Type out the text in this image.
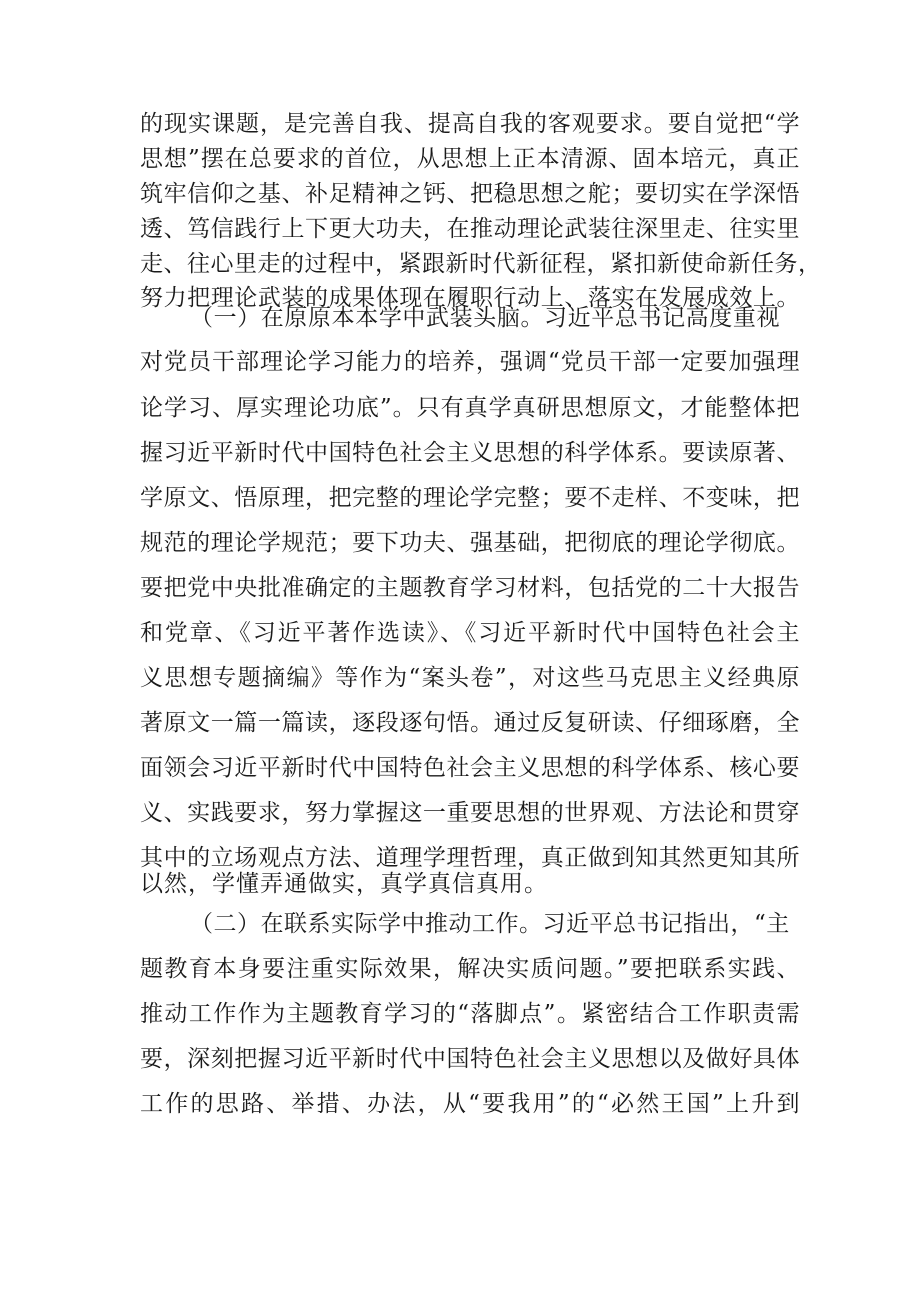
的现实课题，是完善自我、提高自我的客观要求。要自觉把“学
思想”摆在总要求的首位，从思想上正本清源、固本培元，真正
筑牢信仰之基、补足精神之钙、把稳思想之舵；要切实在学深悟
透、笃信践行上下更大功夫，在推动理论武装往深里走、往实里
走、往心里走的过程中，紧跟新时代新征程，紧扣新使命新任务，
努力把理论武装的成果体现在履职行动上、落实在发展成效上。
（一）在原原本本学中武装头脑。习近平总书记高度重视
对党员干部理论学习能力的培养，强调“党员干部一定要加强理
论学习、厚实理论功底”。只有真学真研思想原文，才能整体把
握习近平新时代中国特色社会主义思想的科学体系。要读原著、
学原文、悟原理，把完整的理论学完整；要不走样、不变味，把
规范的理论学规范；要下功夫、强基础，把彻底的理论学彻底。
要把党中央批准确定的主题教育学习材料，包括党的二十大报告
和党章、《习近平著作选读》、《习近平新时代中国特色社会主
义思想专题摘编》等作为“案头卷”，对这些马克思主义经典原
著原文一篇一篇读，逐段逐句悟。通过反复研读、仔细琢磨，全
面领会习近平新时代中国特色社会主义思想的科学体系、核心要
义、实践要求，努力掌握这一重要思想的世界观、方法论和贯穿
其中的立场观点方法、道理学理哲理，真正做到知其然更知其所
以然，学懂弄通做实，真学真信真用。
（二）在联系实际学中推动工作。习近平总书记指出，“主
题教育本身要注重实际效果，解决实质问题。”要把联系实践、
推动工作作为主题教育学习的“落脚点”。紧密结合工作职责需
要，深刻把握习近平新时代中国特色社会主义思想以及做好具体
工作的思路、举措、办法，从“要我用”的“必然王国”上升到
